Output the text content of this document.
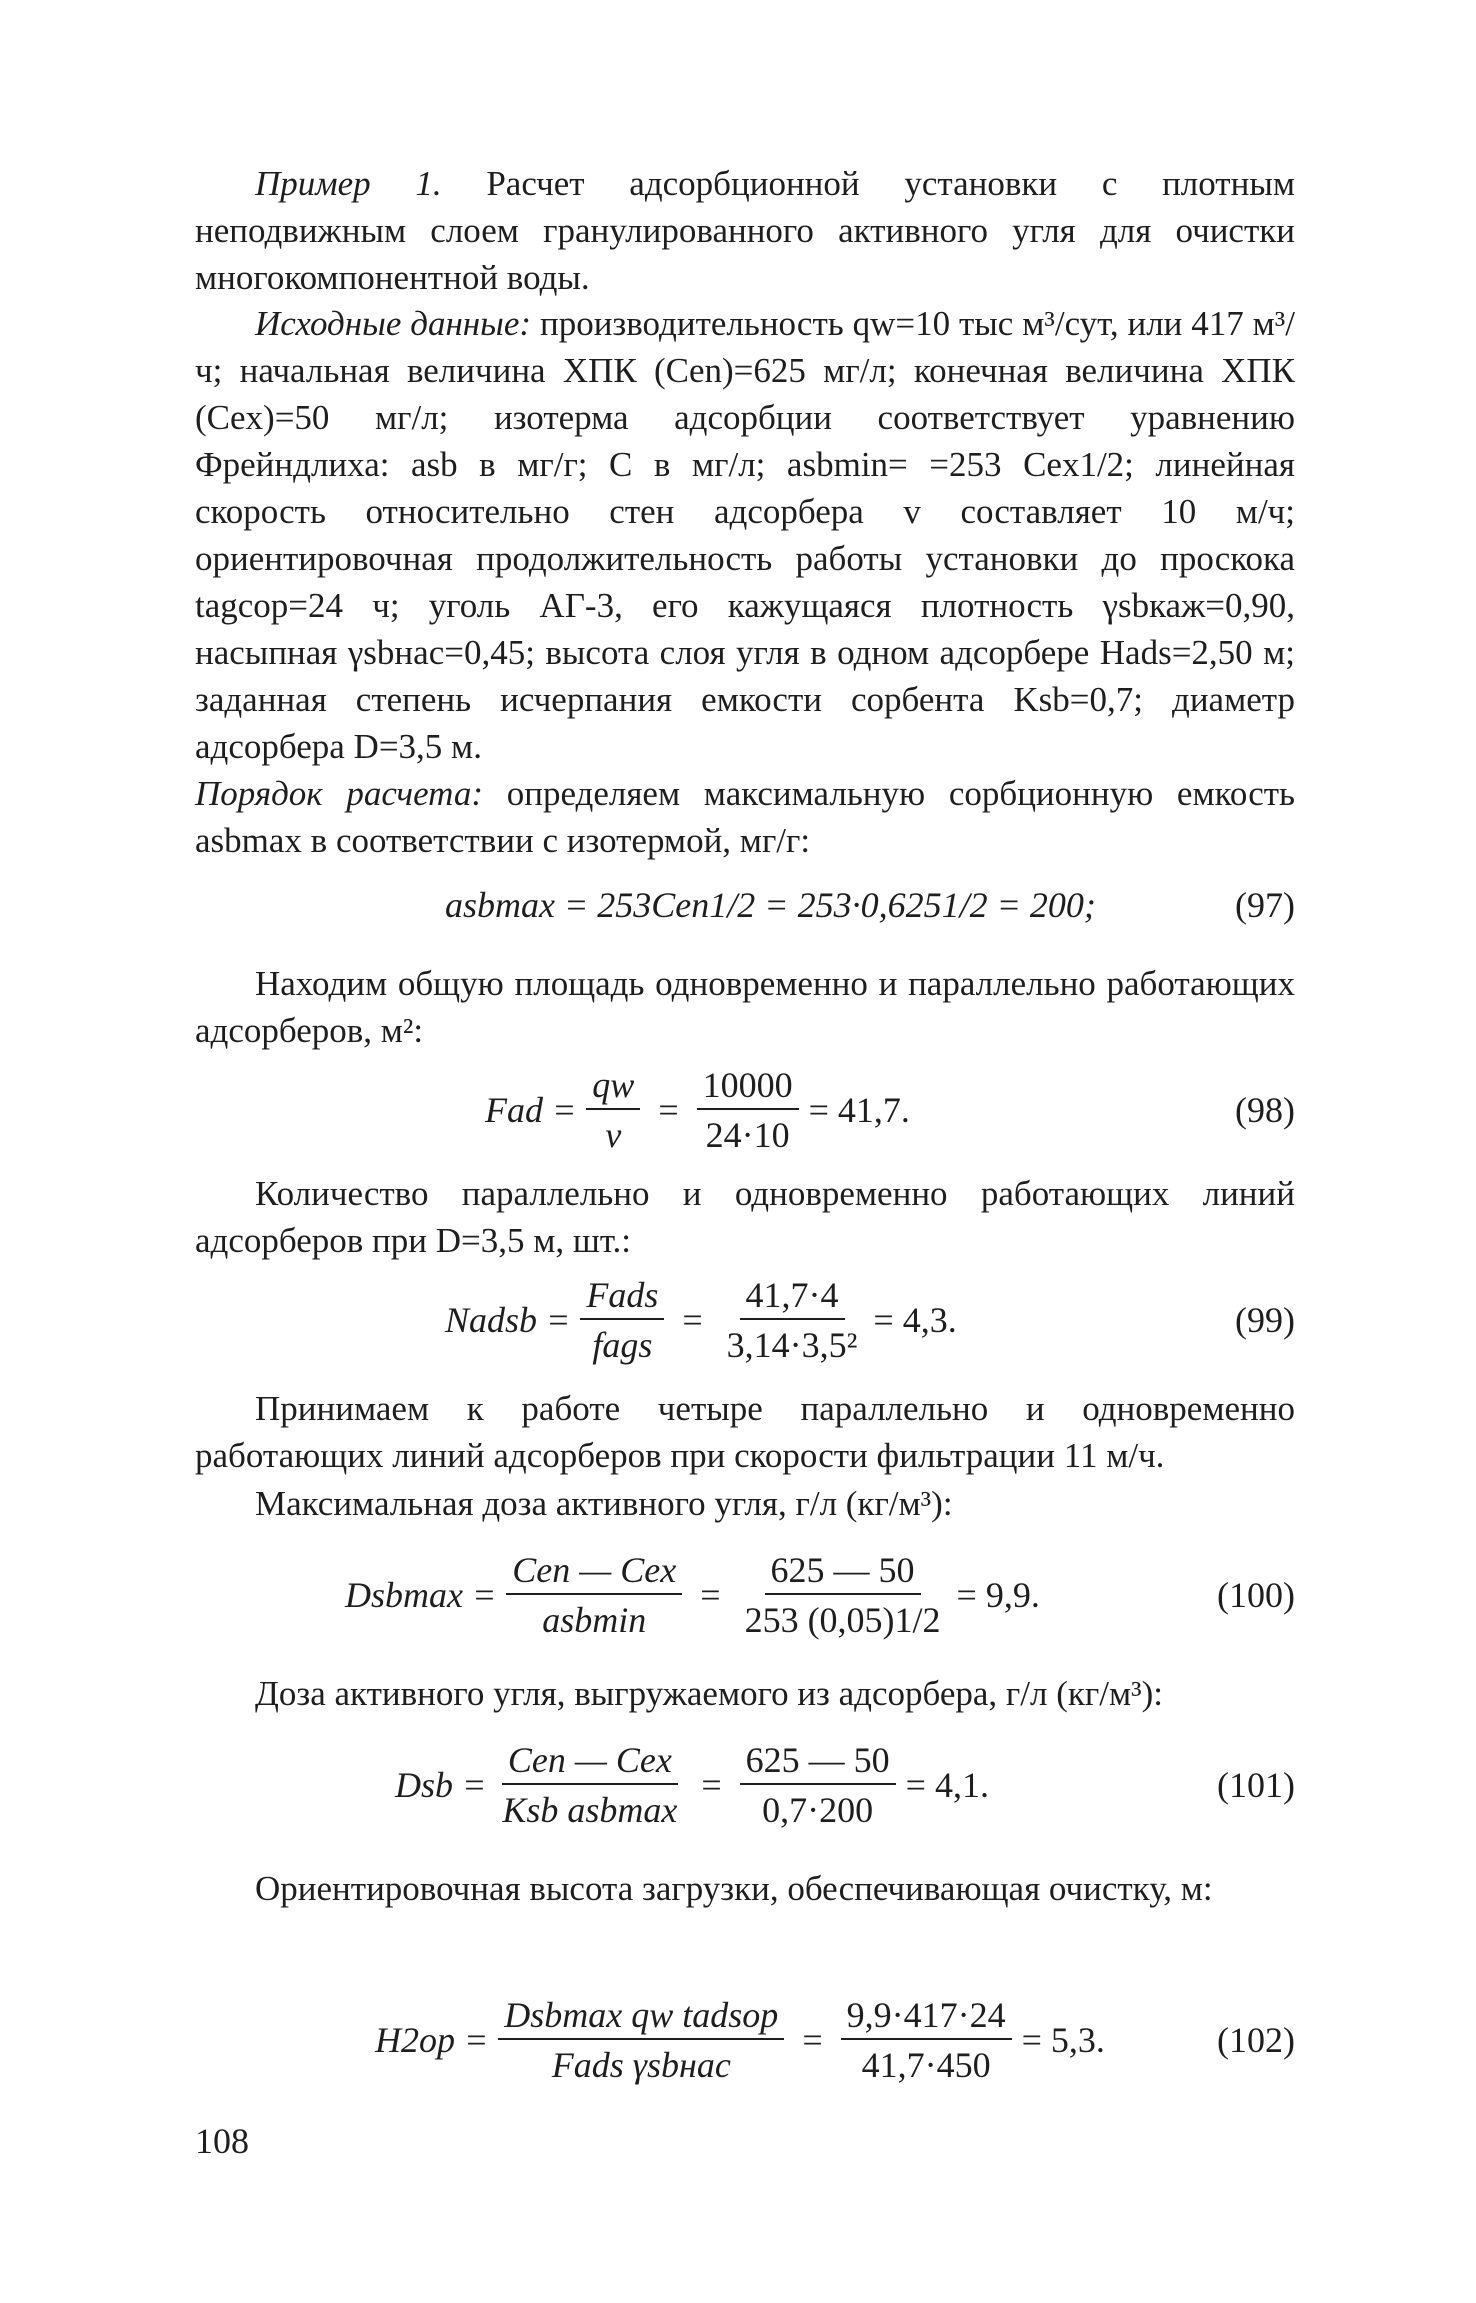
Пример 1. Расчет адсорбционной установки с плотным неподвижным слоем гранулированного активного угля для очистки многокомпонентной воды.

Исходные данные: производительность qw=10 тыс м³/сут, или 417 м³/ч; начальная величина ХПК (Cen)=625 мг/л; конечная величина ХПК (Cex)=50 мг/л; изотерма адсорбции соответствует уравнению Фрейндлиха: asb в мг/г; C в мг/л; asbmin= =253 Cex1/2; линейная скорость относительно стен адсорбера v составляет 10 м/ч; ориентировочная продолжительность работы установки до проскока tagcop=24 ч; уголь АГ-3, его кажущаяся плотность γsbкаж=0,90, насыпная γsbнас=0,45; высота слоя угля в одном адсорбере Hads=2,50 м; заданная степень исчерпания емкости сорбента Ksb=0,7; диаметр адсорбера D=3,5 м.

Порядок расчета: определяем максимальную сорбционную емкость asbmax в соответствии с изотермой, мг/г:

asbmax = 253Cen1/2 = 253·0,6251/2 = 200;	(97)

Находим общую площадь одновременно и параллельно работающих адсорберов, м²:

Fad = $\frac{qw}{v} = \frac{10000}{24\cdot 10} = 41,7$.	(98)

Количество параллельно и одновременно работающих линий адсорберов при D=3,5 м, шт.:

Nadsb = $\frac{\text{Fads}}{\text{fags}} = \frac{41,7\cdot 4}{\text{3,14·3,5²}} = 4,3$.	(99)

Принимаем к работе четыре параллельно и одновременно работающих линий адсорберов при скорости фильтрации 11 м/ч.

Максимальная доза активного угля, г/л (кг/м³):

$Dsbmax = \frac{\text{Cen — Cex}}{\text{asbmin}} = \frac{625 — 50}{253 (0,05)1/2} = 9,9$.	(100)

Доза активного угля, выгружаемого из адсорбера, г/л (кг/м³):

Dsb = $\frac{\text{Cen — Cex}}{\text{Ksb asbmax}} = \frac{625 — 50}{0,7\cdot 200} = 4,1$.	(101)

Ориентировочная высота загрузки, обеспечивающая очистку, м:

$H2op = \frac{\text{Dsbmax qw tadsop}}{\text{Fads γsbнас}} = \frac{9,9\cdot 417\cdot 24}{41,7\cdot 450} = 5,3$.	(102)
108
